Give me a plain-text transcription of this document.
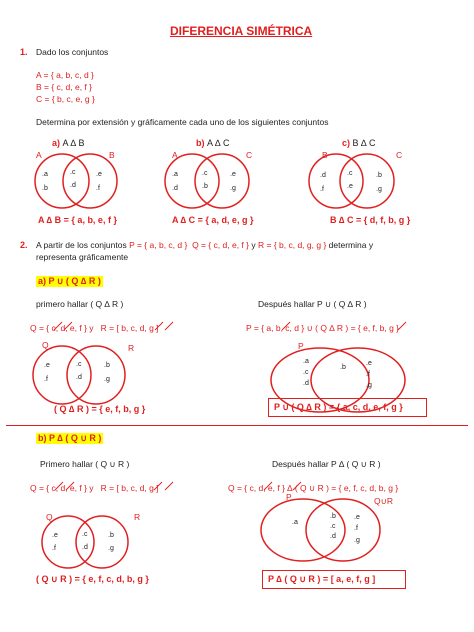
DIFERENCIA SIMÉTRICA
1. Dado los conjuntos
A = { a, b, c, d }
B = { c, d, e, f }
C = { b, c, e, g }
Determina por extensión y gráficamente cada uno de los siguientes conjuntos
a) A ∆ B	b) A ∆ C	c) B ∆ C
A	B
.a
.b
.c
.d
.e
.f
A	C
.a
.d
.c
.b
.e
.g
B	C
.d
.f
.c
.e
.b
.g
A ∆ B = { a, b, e, f }	A ∆ C = { a, d, e, g }	B ∆ C = { d, f, b, g }
2. A partir de los conjuntos P = { a, b, c, d } Q = { c, d, e, f } y R = { b, c, d, g, g } determina y
representa gráficamente
a) P ∪ ( Q ∆ R )
primero hallar ( Q ∆ R )	Después hallar P ∪ ( Q ∆ R )
Q = { c, d, e, f } y R = [ b, c, d, g ]	P = { a, b, c, d } ∪ ( Q ∆ R ) = { e, f, b, g }
Q	R
.e
.f
.c
.d
.b
.g
P
.a
.c
.d
.b
.e
.f
.g
( Q ∆ R ) = { e, f, b, g }	P ∪ ( Q ∆ R ) = { a, c, d, e, f, g }
b) P ∆ ( Q ∪ R )
Primero hallar ( Q ∪ R )	Después hallar P ∆ ( Q ∪ R )
Q = { c, d, e, f } y R = [ b, c, d, g ]	Q = { c, d, e, f } ∆ ( Q ∪ R ) = { e, f, c, d, b, g }
Q	R
.e
.f
.c
.d
.b
.g
P	Q∪R
.a
.b
.c
.d
.e
.f
.g
( Q ∪ R ) = { e, f, c, d, b, g }	P ∆ ( Q ∪ R ) = [ a, e, f, g ]
